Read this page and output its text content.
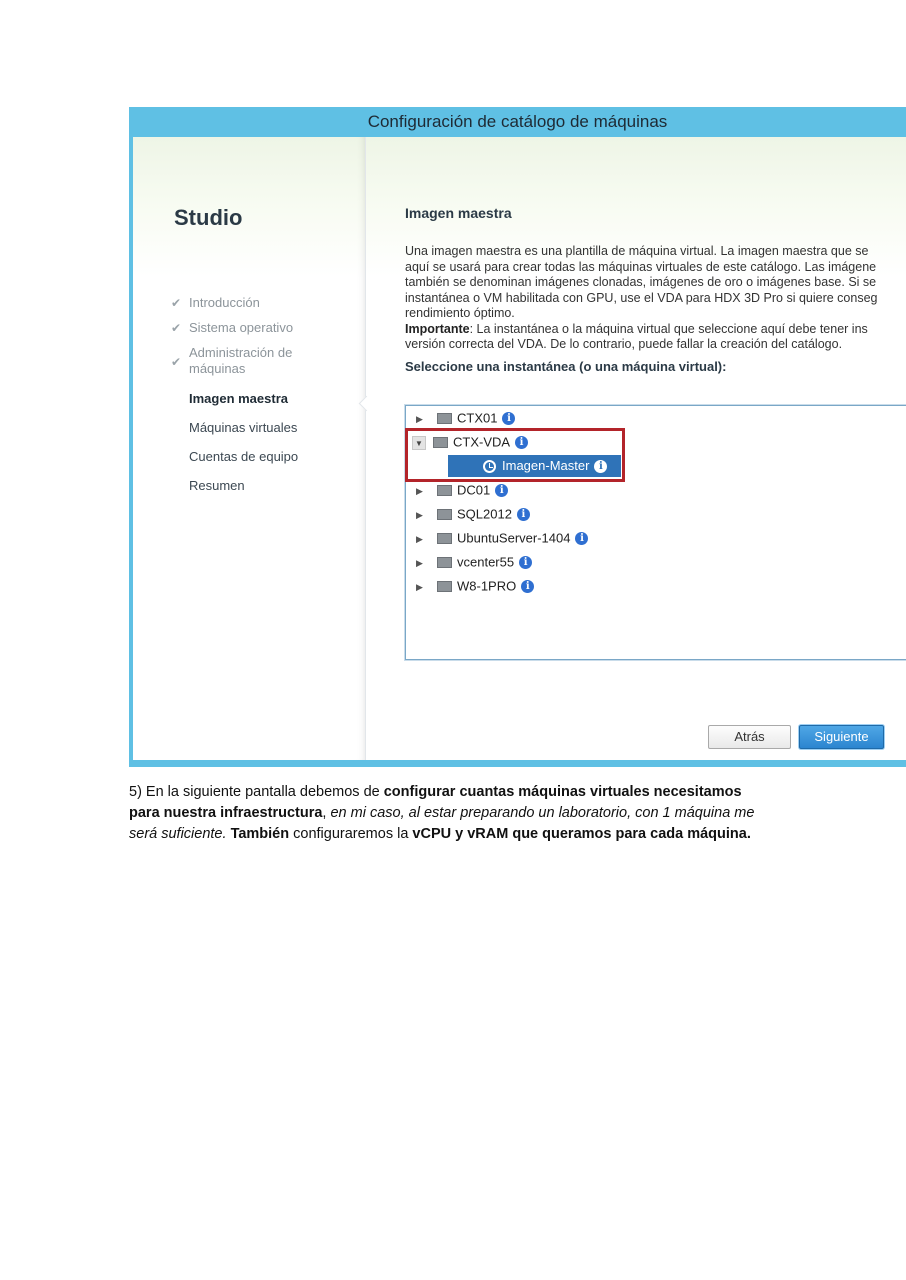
Configuración de catálogo de máquinas
Studio
✔ Introducción
✔ Sistema operativo
✔
Administración de máquinas
Imagen maestra
Máquinas virtuales
Cuentas de equipo
Resumen
Imagen maestra
Una imagen maestra es una plantilla de máquina virtual. La imagen maestra que se
aquí se usará para crear todas las máquinas virtuales de este catálogo. Las imágene
también se denominan imágenes clonadas, imágenes de oro o imágenes base. Si se
instantánea o VM habilitada con GPU, use el VDA para HDX 3D Pro si quiere conseg
rendimiento óptimo.
Importante: La instantánea o la máquina virtual que seleccione aquí debe tener ins
versión correcta del VDA. De lo contrario, puede fallar la creación del catálogo.
Seleccione una instantánea (o una máquina virtual):
▶	CTX01 i
▼ CTX-VDA i
Imagen-Master i
▶	DC01 i
▶	SQL2012 i
▶	UbuntuServer-1404 i
▶	vcenter55 i
▶	W8-1PRO i
Atrás	Siguiente
5) En la siguiente pantalla debemos de configurar cuantas máquinas virtuales necesitamos para nuestra infraestructura, en mi caso, al estar preparando un laboratorio, con 1 máquina me será suficiente. También configuraremos la vCPU y vRAM que queramos para cada máquina.
